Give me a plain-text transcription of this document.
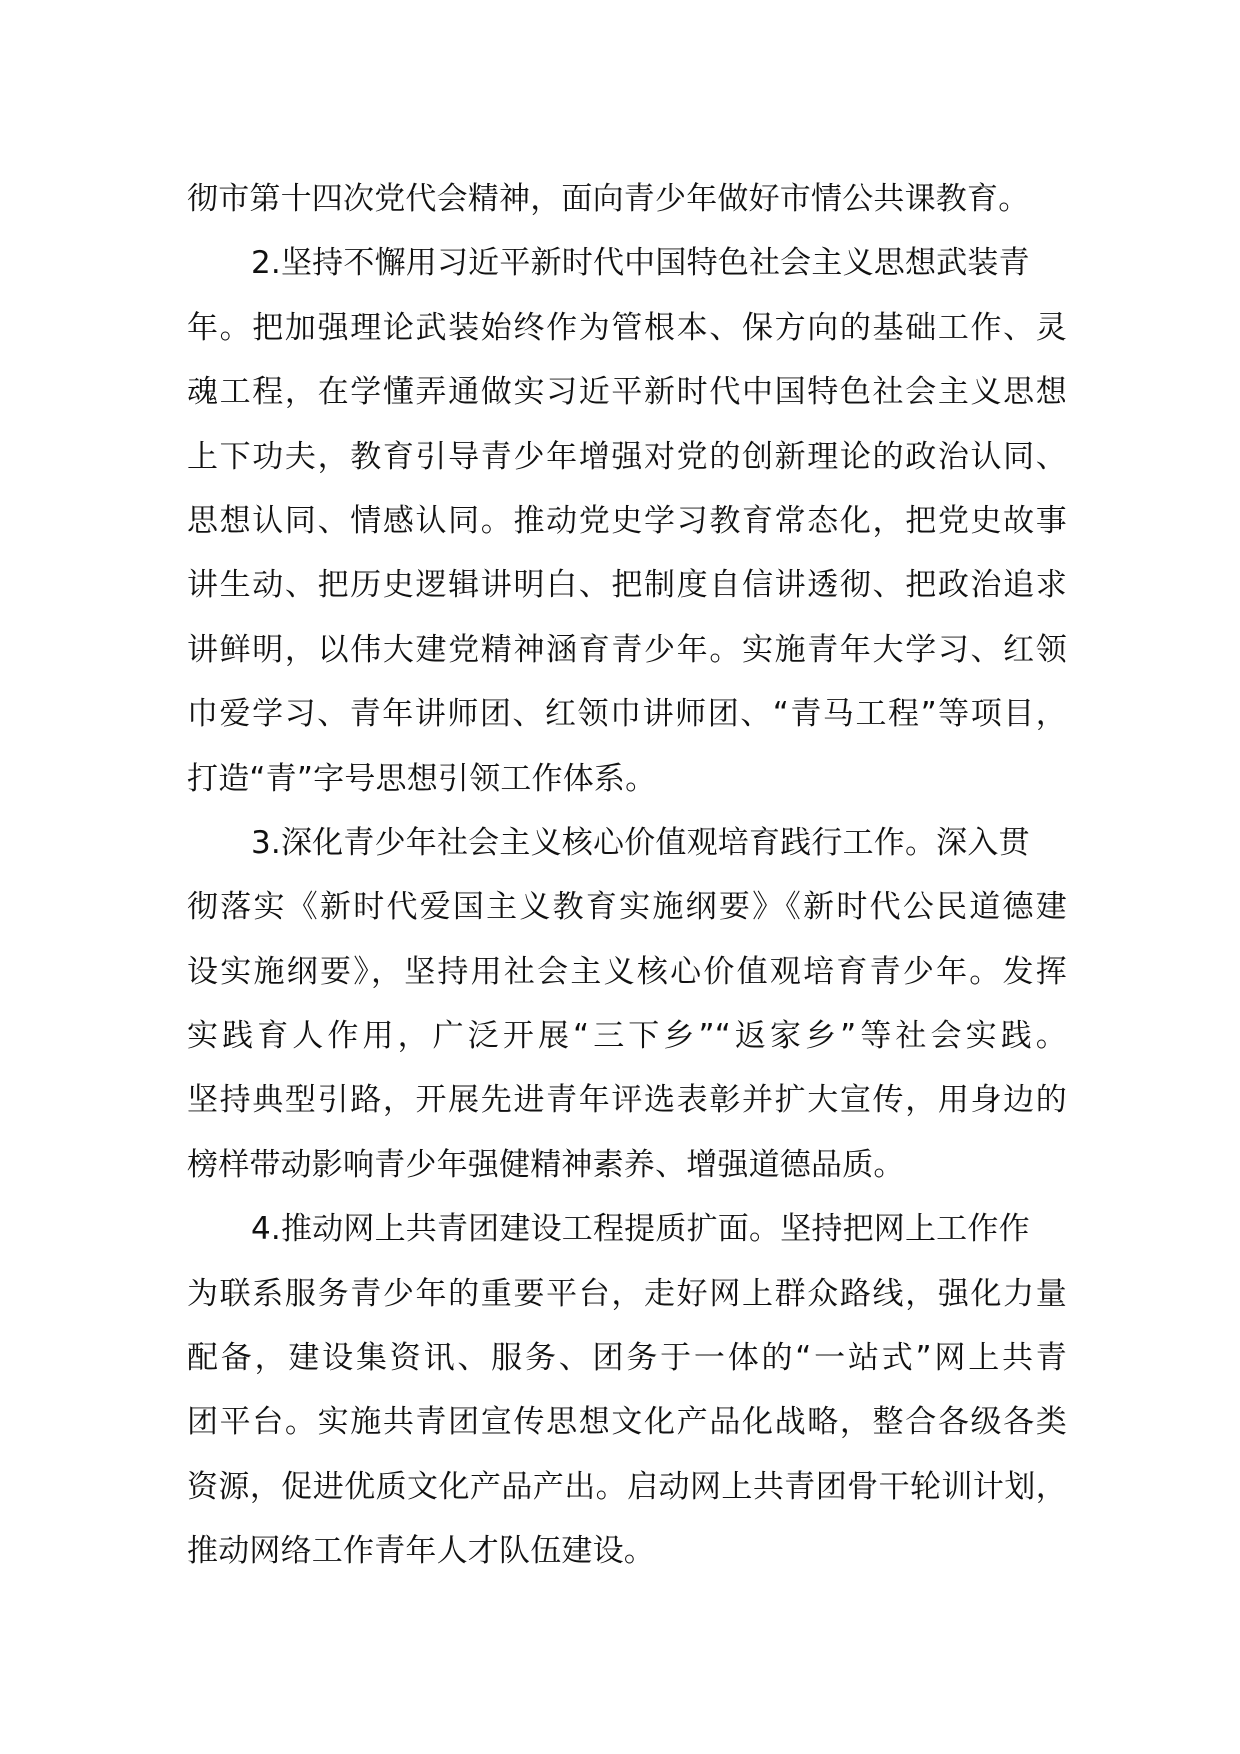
彻市第十四次党代会精神，面向青少年做好市情公共课教育。
2.坚持不懈用习近平新时代中国特色社会主义思想武装青
年。把加强理论武装始终作为管根本、保方向的基础工作、灵
魂工程，在学懂弄通做实习近平新时代中国特色社会主义思想
上下功夫，教育引导青少年增强对党的创新理论的政治认同、
思想认同、情感认同。推动党史学习教育常态化，把党史故事
讲生动、把历史逻辑讲明白、把制度自信讲透彻、把政治追求
讲鲜明，以伟大建党精神涵育青少年。实施青年大学习、红领
巾爱学习、青年讲师团、红领巾讲师团、“青马工程”等项目，
打造“青”字号思想引领工作体系。
3.深化青少年社会主义核心价值观培育践行工作。深入贯
彻落实《新时代爱国主义教育实施纲要》《新时代公民道德建
设实施纲要》，坚持用社会主义核心价值观培育青少年。发挥
实践育人作用，广泛开展“三下乡”“返家乡”等社会实践。
坚持典型引路，开展先进青年评选表彰并扩大宣传，用身边的
榜样带动影响青少年强健精神素养、增强道德品质。
4.推动网上共青团建设工程提质扩面。坚持把网上工作作
为联系服务青少年的重要平台，走好网上群众路线，强化力量
配备，建设集资讯、服务、团务于一体的“一站式”网上共青
团平台。实施共青团宣传思想文化产品化战略，整合各级各类
资源，促进优质文化产品产出。启动网上共青团骨干轮训计划，
推动网络工作青年人才队伍建设。
